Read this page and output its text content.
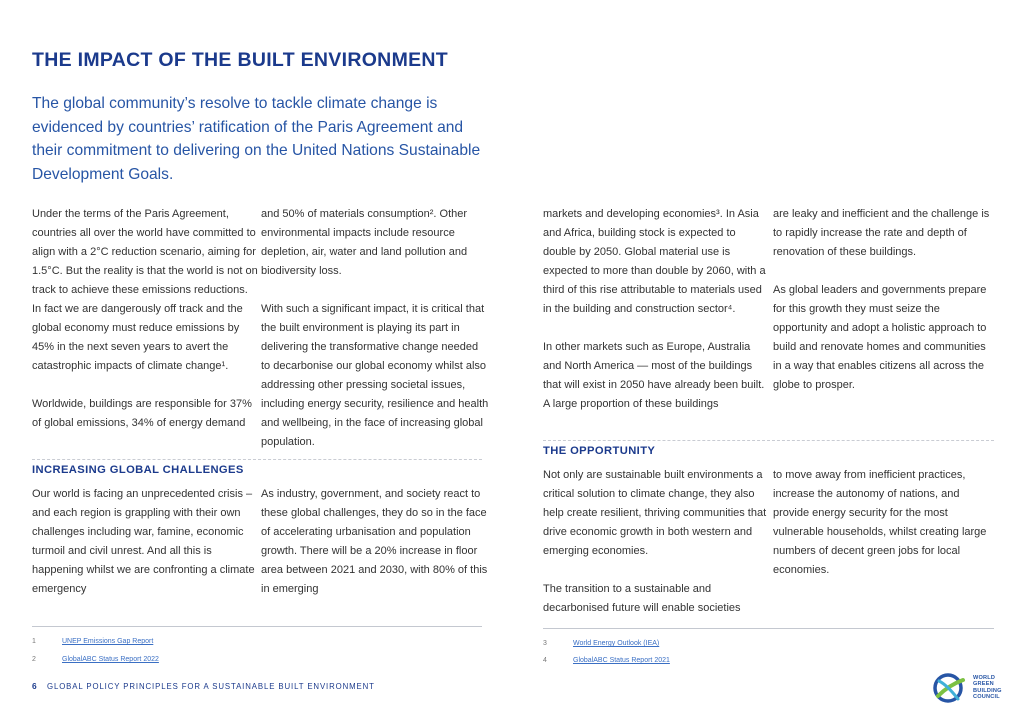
THE IMPACT OF THE BUILT ENVIRONMENT
The global community’s resolve to tackle climate change is evidenced by countries’ ratification of the Paris Agreement and their commitment to delivering on the United Nations Sustainable Development Goals.

Under the terms of the Paris Agreement, countries all over the world have committed to align with a 2°C reduction scenario, aiming for 1.5°C. But the reality is that the world is not on track to achieve these emissions reductions. In fact we are dangerously off track and the global economy must reduce emissions by 45% in the next seven years to avert the catastrophic impacts of climate change¹.

Worldwide, buildings are responsible for 37% of global emissions, 34% of energy demand

and 50% of materials consumption². Other environmental impacts include resource depletion, air, water and land pollution and biodiversity loss.

With such a significant impact, it is critical that the built environment is playing its part in delivering the transformative change needed to decarbonise our global economy whilst also addressing other pressing societal issues, including energy security, resilience and health and wellbeing, in the face of increasing global population.

INCREASING GLOBAL CHALLENGES

Our world is facing an unprecedented crisis – and each region is grappling with their own challenges including war, famine, economic turmoil and civil unrest. And all this is happening whilst we are confronting a climate emergency

As industry, government, and society react to these global challenges, they do so in the face of accelerating urbanisation and population growth. There will be a 20% increase in floor area between 2021 and 2030, with 80% of this in emerging

markets and developing economies³. In Asia and Africa, building stock is expected to double by 2050. Global material use is expected to more than double by 2060, with a third of this rise attributable to materials used in the building and construction sector⁴.

In other markets such as Europe, Australia and North America — most of the buildings that will exist in 2050 have already been built. A large proportion of these buildings

are leaky and inefficient and the challenge is to rapidly increase the rate and depth of renovation of these buildings.

As global leaders and governments prepare for this growth they must seize the opportunity and adopt a holistic approach to build and renovate homes and communities in a way that enables citizens all across the globe to prosper.

THE OPPORTUNITY

Not only are sustainable built environments a critical solution to climate change, they also help create resilient, thriving communities that drive economic growth in both western and emerging economies.

The transition to a sustainable and decarbonised future will enable societies

to move away from inefficient practices, increase the autonomy of nations, and provide energy security for the most vulnerable households, whilst creating large numbers of decent green jobs for local economies.

1	UNEP Emissions Gap Report
2	GlobalABC Status Report 2022
3	World Energy Outlook (IEA)
4	GlobalABC Status Report 2021
6 GLOBAL POLICY PRINCIPLES FOR A SUSTAINABLE BUILT ENVIRONMENT
WORLD
GREEN
BUILDING
COUNCIL
